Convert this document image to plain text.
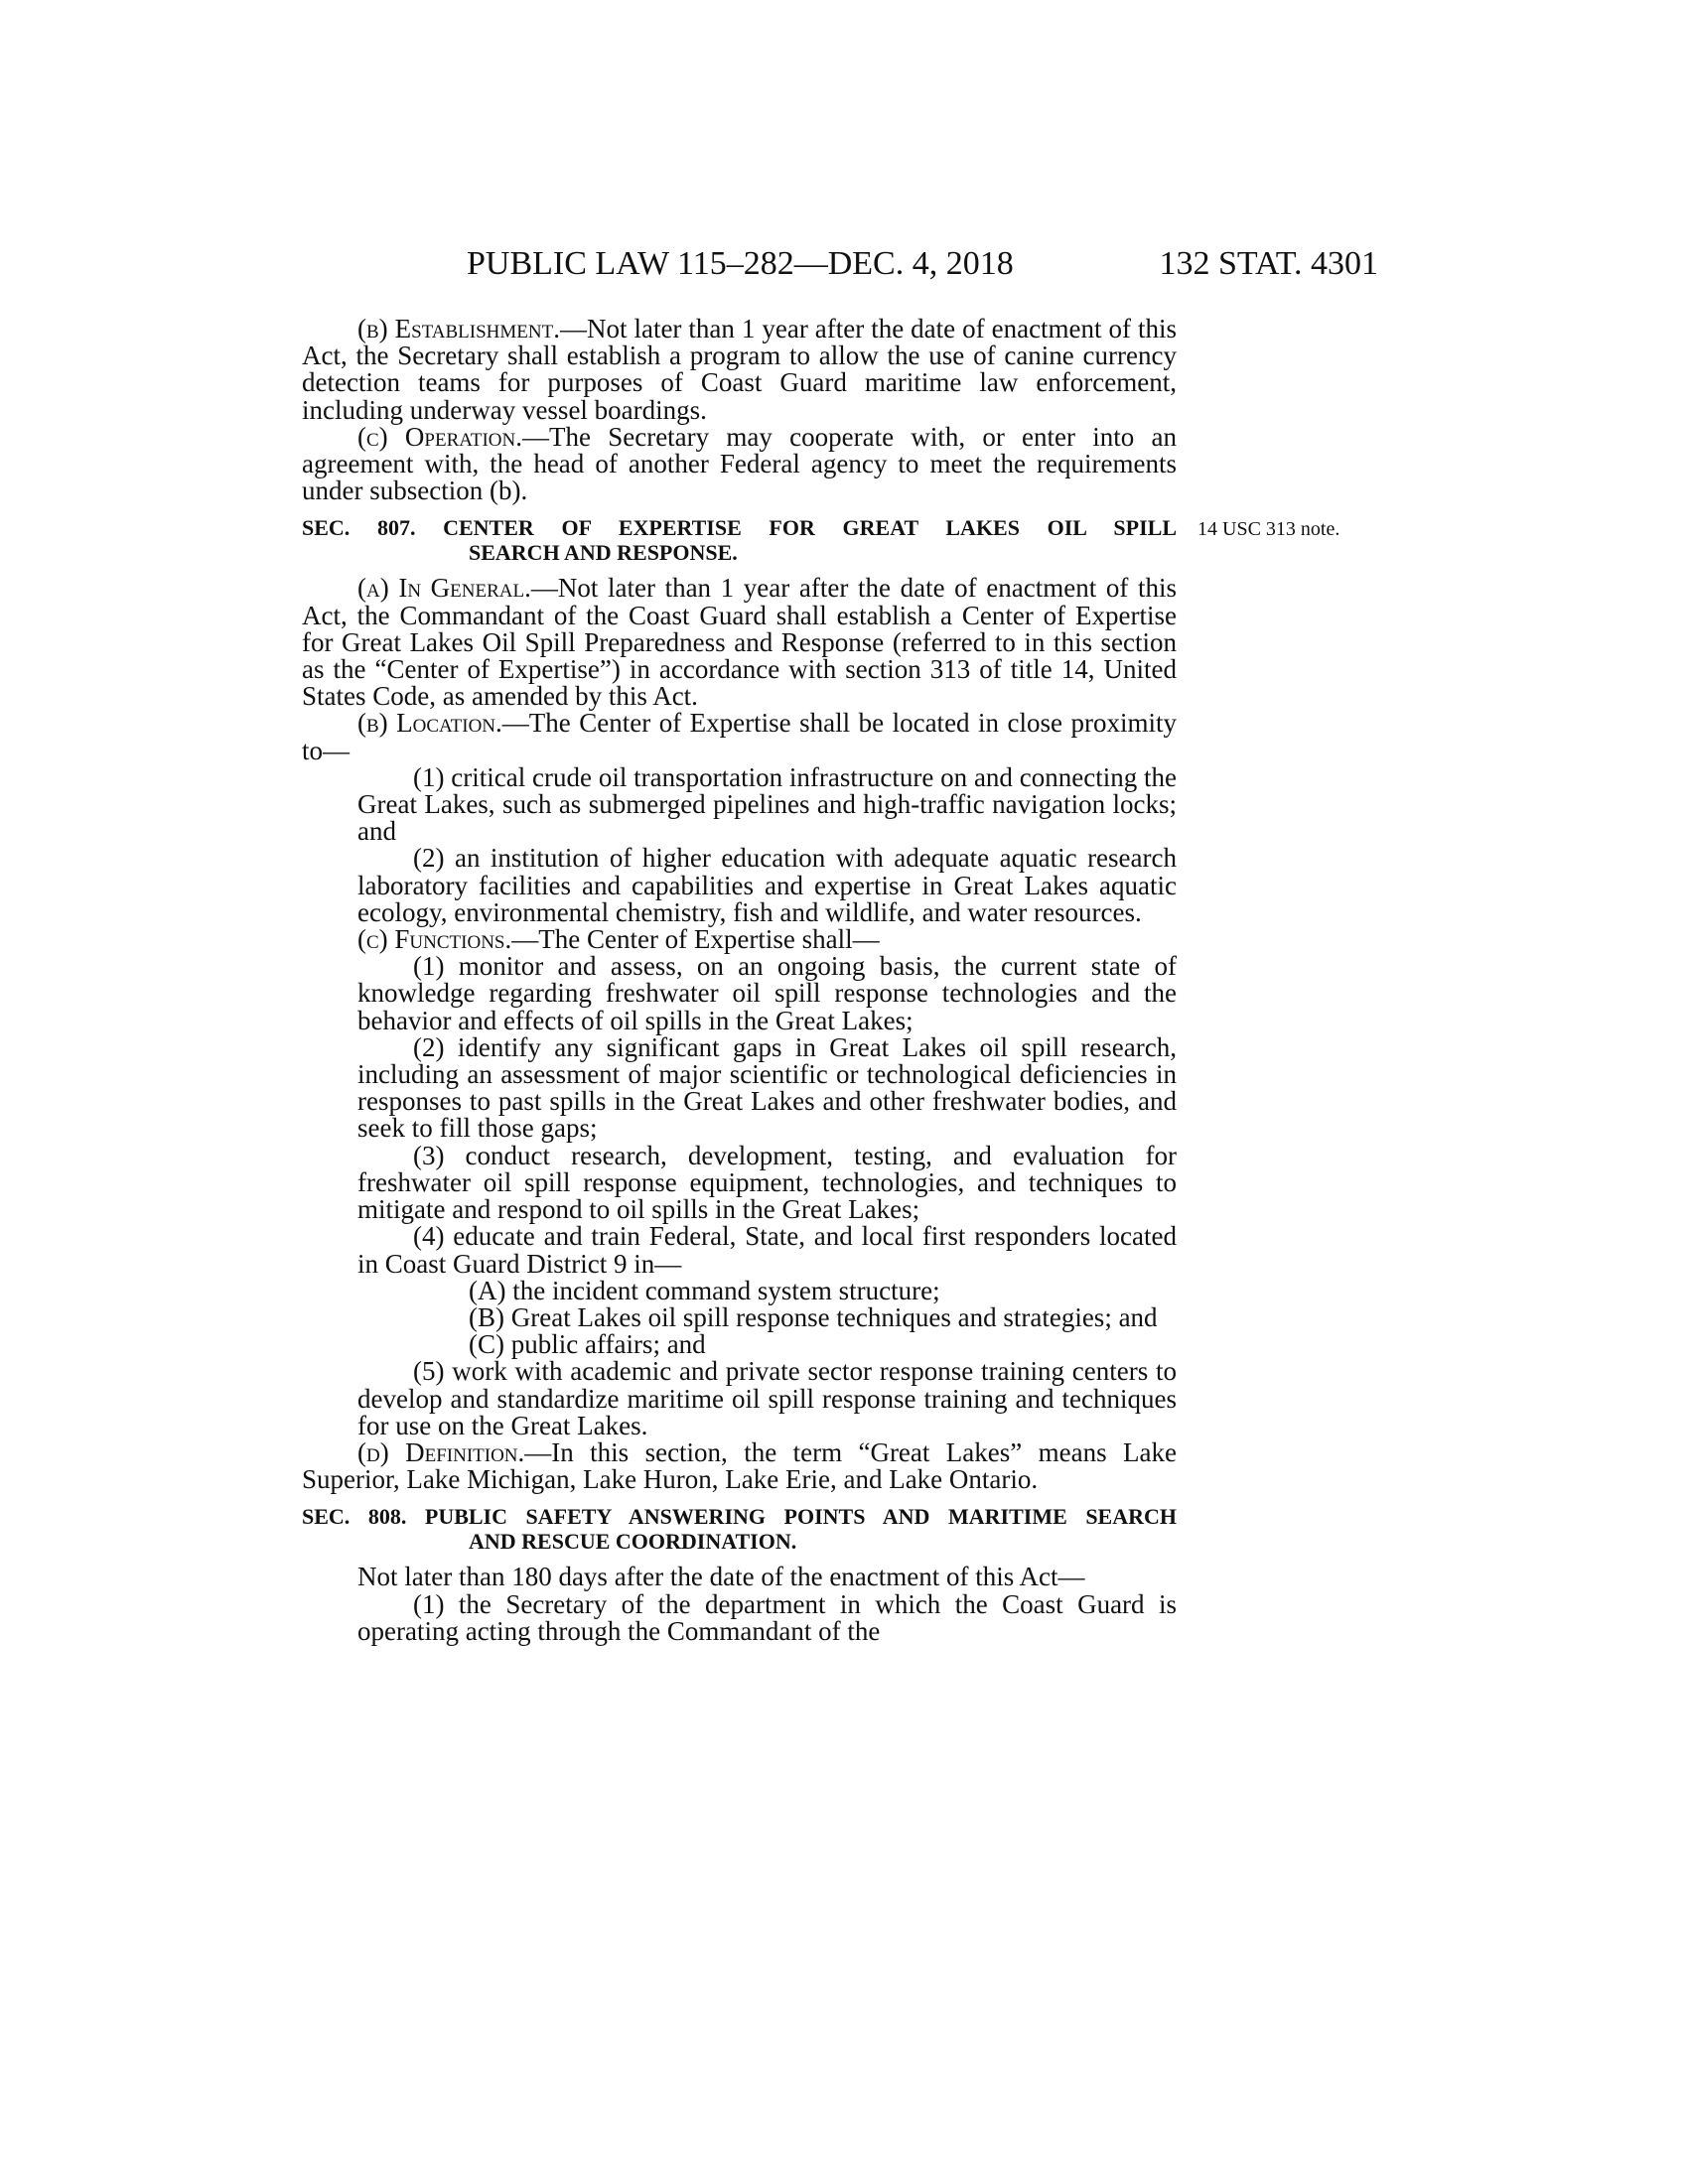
PUBLIC LAW 115–282—DEC. 4, 2018	132 STAT. 4301

(b) Establishment.—Not later than 1 year after the date of enactment of this Act, the Secretary shall establish a program to allow the use of canine currency detection teams for purposes of Coast Guard maritime law enforcement, including underway vessel boardings.

(c) Operation.—The Secretary may cooperate with, or enter into an agreement with, the head of another Federal agency to meet the requirements under subsection (b).

SEC. 807. CENTER OF EXPERTISE FOR GREAT LAKES OIL SPILL
SEARCH AND RESPONSE.
14 USC 313 note.

(a) In General.—Not later than 1 year after the date of enactment of this Act, the Commandant of the Coast Guard shall establish a Center of Expertise for Great Lakes Oil Spill Preparedness and Response (referred to in this section as the “Center of Expertise”) in accordance with section 313 of title 14, United States Code, as amended by this Act.

(b) Location.—The Center of Expertise shall be located in close proximity to—

(1) critical crude oil transportation infrastructure on and connecting the Great Lakes, such as submerged pipelines and high-traffic navigation locks; and

(2) an institution of higher education with adequate aquatic research laboratory facilities and capabilities and expertise in Great Lakes aquatic ecology, environmental chemistry, fish and wildlife, and water resources.

(c) Functions.—The Center of Expertise shall—

(1) monitor and assess, on an ongoing basis, the current state of knowledge regarding freshwater oil spill response technologies and the behavior and effects of oil spills in the Great Lakes;

(2) identify any significant gaps in Great Lakes oil spill research, including an assessment of major scientific or technological deficiencies in responses to past spills in the Great Lakes and other freshwater bodies, and seek to fill those gaps;

(3) conduct research, development, testing, and evaluation for freshwater oil spill response equipment, technologies, and techniques to mitigate and respond to oil spills in the Great Lakes;

(4) educate and train Federal, State, and local first responders located in Coast Guard District 9 in—

(A) the incident command system structure;

(B) Great Lakes oil spill response techniques and strategies; and

(C) public affairs; and

(5) work with academic and private sector response training centers to develop and standardize maritime oil spill response training and techniques for use on the Great Lakes.

(d) Definition.—In this section, the term “Great Lakes” means Lake Superior, Lake Michigan, Lake Huron, Lake Erie, and Lake Ontario.

SEC. 808. PUBLIC SAFETY ANSWERING POINTS AND MARITIME SEARCH
AND RESCUE COORDINATION.

Not later than 180 days after the date of the enactment of this Act—

(1) the Secretary of the department in which the Coast Guard is operating acting through the Commandant of the
